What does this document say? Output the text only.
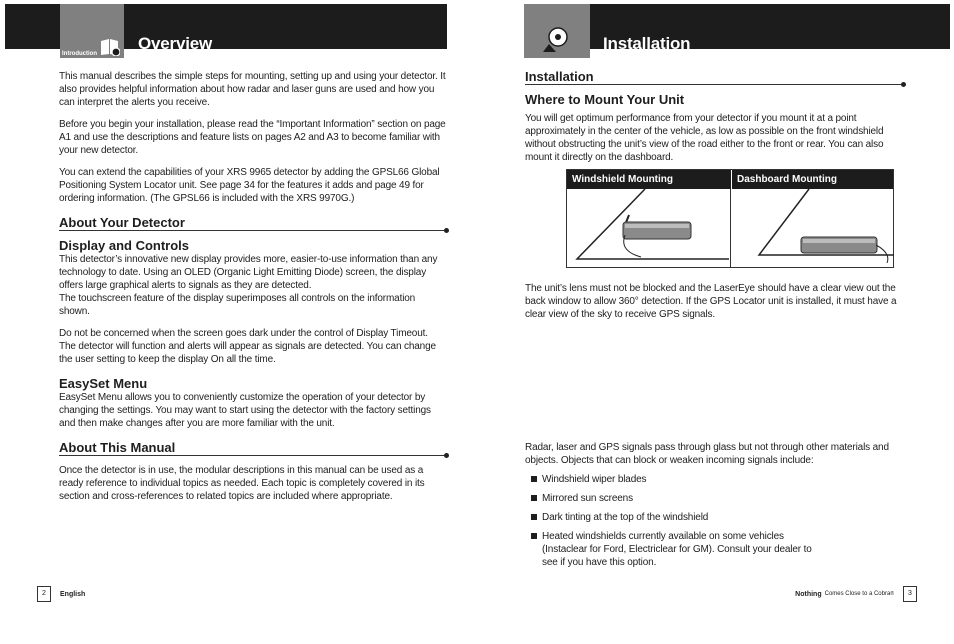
Introduction
Overview

This manual describes the simple steps for mounting, setting up and using your detector. It also provides helpful information about how radar and laser guns are used and how you can interpret the alerts you receive.

Before you begin your installation, please read the “Important Information” section on page A1 and use the descriptions and feature lists on pages A2 and A3 to become familiar with your new detector.

You can extend the capabilities of your XRS 9965 detector by adding the GPSL66 Global Positioning System Locator unit. See page 34 for the features it adds and page 49 for ordering information. (The GPSL66 is included with the XRS 9970G.)

About Your Detector
Display and Controls

This detector’s innovative new display provides more, easier-to-use information than any technology to date. Using an OLED (Organic Light Emitting Diode) screen, the display offers large graphical alerts to signals as they are detected.

The touchscreen feature of the display superimposes all controls on the information shown.

Do not be concerned when the screen goes dark under the control of Display Timeout. The detector will function and alerts will appear as signals are detected. You can change the user setting to keep the display On all the time.

EasySet Menu

EasySet Menu allows you to conveniently customize the operation of your detector by changing the settings. You may want to start using the detector with the factory settings and then make changes after you are more familiar with the unit.

About This Manual

Once the detector is in use, the modular descriptions in this manual can be used as a ready reference to individual topics as needed. Each topic is completely covered in its section and cross-references to related topics are included where appropriate.

2	English
Installation
Installation
Where to Mount Your Unit

You will get optimum performance from your detector if you mount it at a point approximately in the center of the vehicle, as low as possible on the front windshield without obstructing the unit’s view of the road either to the front or rear. You can also mount it directly on the dashboard.

Windshield Mounting	Dashboard Mounting

The unit’s lens must not be blocked and the LaserEye should have a clear view out the back window to allow 360° detection. If the GPS Locator unit is installed, it must have a clear view of the sky to receive GPS signals.

Radar, laser and GPS signals pass through glass but not through other materials and objects. Objects that can block or weaken incoming signals include:

Windshield wiper blades
Mirrored sun screens
Dark tinting at the top of the windshield
Heated windshields currently available on some vehicles (Instaclear for Ford, Electriclear for GM). Consult your dealer to see if you have this option.
Nothing Comes Close to a Cobra ®	3
